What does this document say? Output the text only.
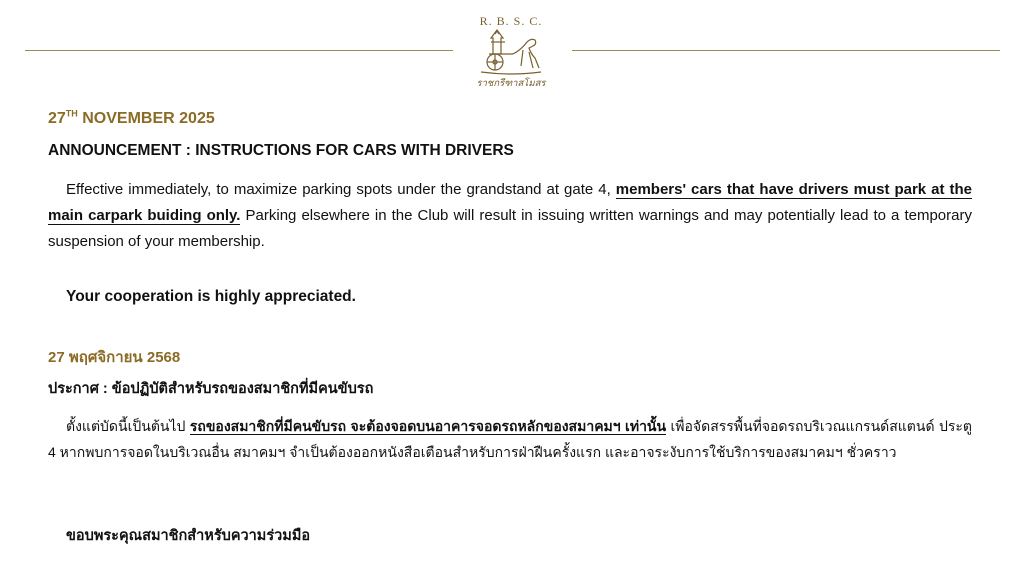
R. B. S. C.
ราชกรีฑาสโมสร
27TH NOVEMBER 2025
ANNOUNCEMENT : INSTRUCTIONS FOR CARS WITH DRIVERS
Effective immediately, to maximize parking spots under the grandstand at gate 4, members' cars that have drivers must park at the main carpark buiding only. Parking elsewhere in the Club will result in issuing written warnings and may potentially lead to a temporary suspension of your membership.
Your cooperation is highly appreciated.
27 พฤศจิกายน 2568
ประกาศ : ข้อปฏิบัติสำหรับรถของสมาชิกที่มีคนขับรถ
ตั้งแต่บัดนี้เป็นต้นไป รถของสมาชิกที่มีคนขับรถ จะต้องจอดบนอาคารจอดรถหลักของสมาคมฯ เท่านั้น เพื่อจัดสรรพื้นที่จอดรถบริเวณแกรนด์สแตนด์ ประตู 4 หากพบการจอดในบริเวณอื่น สมาคมฯ จำเป็นต้องออกหนังสือเตือนสำหรับการฝ่าฝืนครั้งแรก และอาจระงับการใช้บริการของสมาคมฯ ชั่วคราว
ขอบพระคุณสมาชิกสำหรับความร่วมมือ
